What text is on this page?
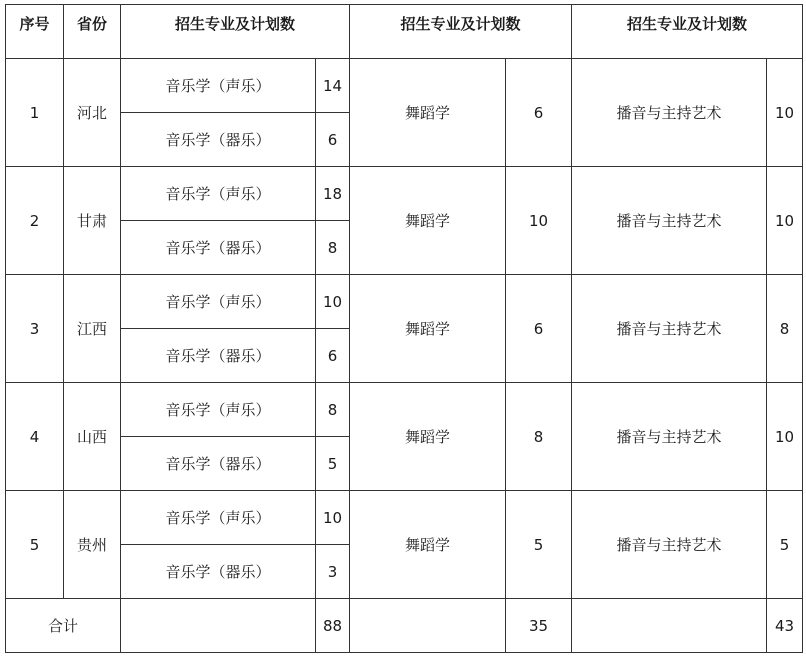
序号	省份	招生专业及计划数		招生专业及计划数		招生专业及计划数	
1	河北	音乐学（声乐）	14	舞蹈学	6	播音与主持艺术	10
		音乐学（器乐）	6				
2	甘肃	音乐学（声乐）	18	舞蹈学	10	播音与主持艺术	10
		音乐学（器乐）	8				
3	江西	音乐学（声乐）	10	舞蹈学	6	播音与主持艺术	8
		音乐学（器乐）	6				
4	山西	音乐学（声乐）	8	舞蹈学	8	播音与主持艺术	10
		音乐学（器乐）	5				
5	贵州	音乐学（声乐）	10	舞蹈学	5	播音与主持艺术	5
		音乐学（器乐）	3				
合计			88		35		43
